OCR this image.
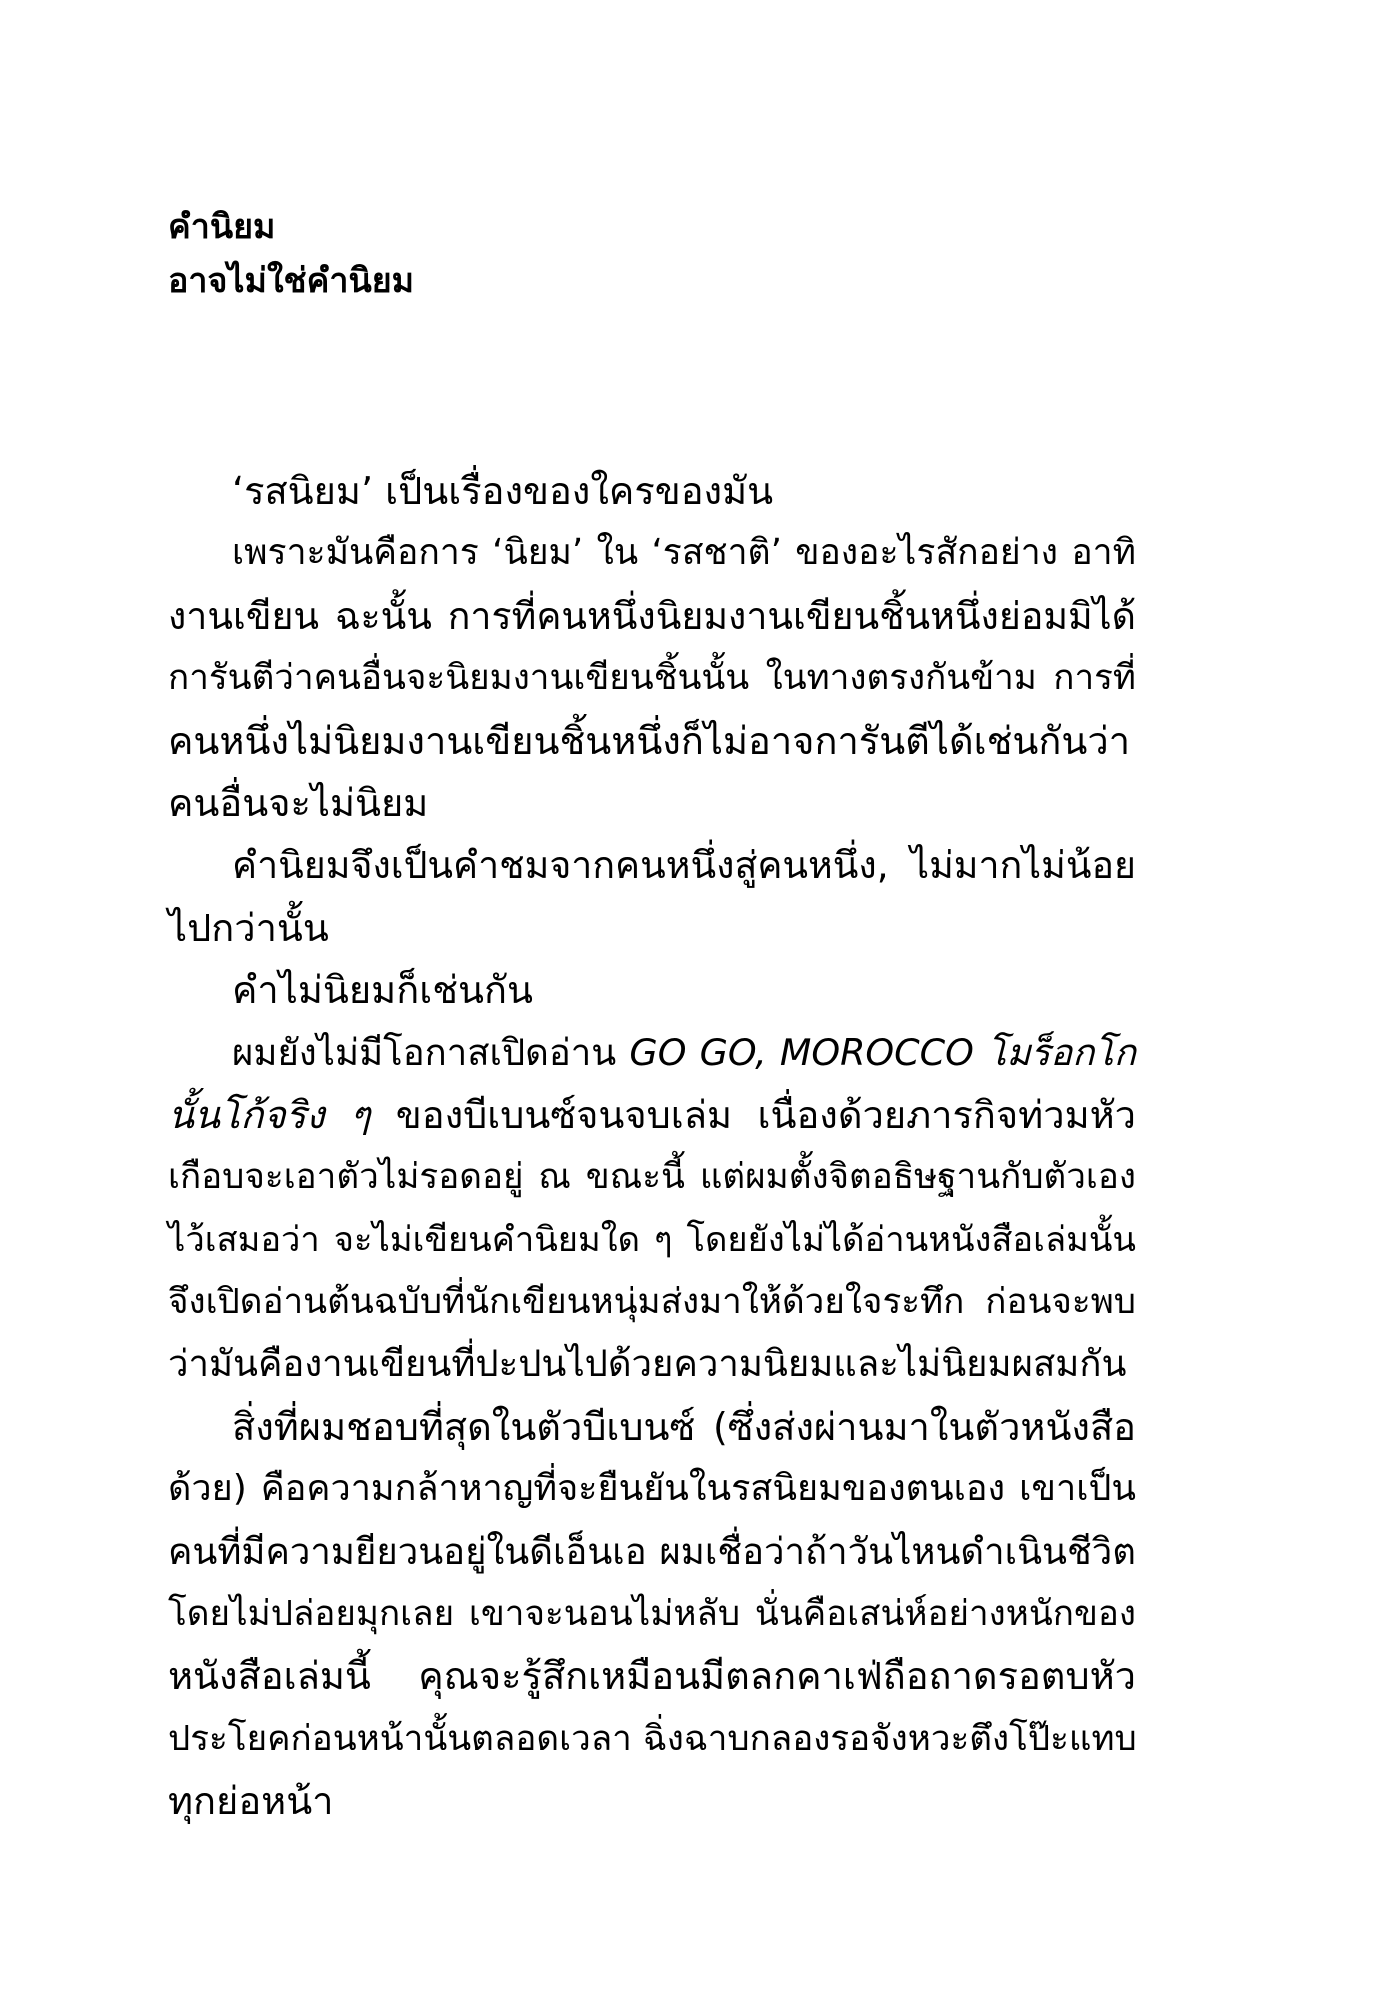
คำนิยม
อาจไม่ใช่คำนิยม
‘รสนิยม’ เป็นเรื่องของใครของมัน
เพราะมันคือการ ‘นิยม’ ใน ‘รสชาติ’ ของอะไรสักอย่าง อาทิ
งานเขียน ฉะนั้น การที่คนหนึ่งนิยมงานเขียนชิ้นหนึ่งย่อมมิได้
การันตีว่าคนอื่นจะนิยมงานเขียนชิ้นนั้น ในทางตรงกันข้าม การที่
คนหนึ่งไม่นิยมงานเขียนชิ้นหนึ่งก็ไม่อาจการันตีได้เช่นกันว่า
คนอื่นจะไม่นิยม
คำนิยมจึงเป็นคำชมจากคนหนึ่งสู่คนหนึ่ง, ไม่มากไม่น้อย
ไปกว่านั้น
คำไม่นิยมก็เช่นกัน
ผมยังไม่มีโอกาสเปิดอ่าน GO GO, MOROCCO โมร็อกโก
นั้นโก้จริง ๆ ของบีเบนซ์จนจบเล่ม เนื่องด้วยภารกิจท่วมหัว
เกือบจะเอาตัวไม่รอดอยู่ ณ ขณะนี้ แต่ผมตั้งจิตอธิษฐานกับตัวเอง
ไว้เสมอว่า จะไม่เขียนคำนิยมใด ๆ โดยยังไม่ได้อ่านหนังสือเล่มนั้น
จึงเปิดอ่านต้นฉบับที่นักเขียนหนุ่มส่งมาให้ด้วยใจระทึก ก่อนจะพบ
ว่ามันคืองานเขียนที่ปะปนไปด้วยความนิยมและไม่นิยมผสมกัน
สิ่งที่ผมชอบที่สุดในตัวบีเบนซ์ (ซึ่งส่งผ่านมาในตัวหนังสือ
ด้วย) คือความกล้าหาญที่จะยืนยันในรสนิยมของตนเอง เขาเป็น
คนที่มีความยียวนอยู่ในดีเอ็นเอ ผมเชื่อว่าถ้าวันไหนดำเนินชีวิต
โดยไม่ปล่อยมุกเลย เขาจะนอนไม่หลับ นั่นคือเสน่ห์อย่างหนักของ
หนังสือเล่มนี้ คุณจะรู้สึกเหมือนมีตลกคาเฟ่ถือถาดรอตบหัว
ประโยคก่อนหน้านั้นตลอดเวลา ฉิ่งฉาบกลองรอจังหวะตึงโป๊ะแทบ
ทุกย่อหน้า
